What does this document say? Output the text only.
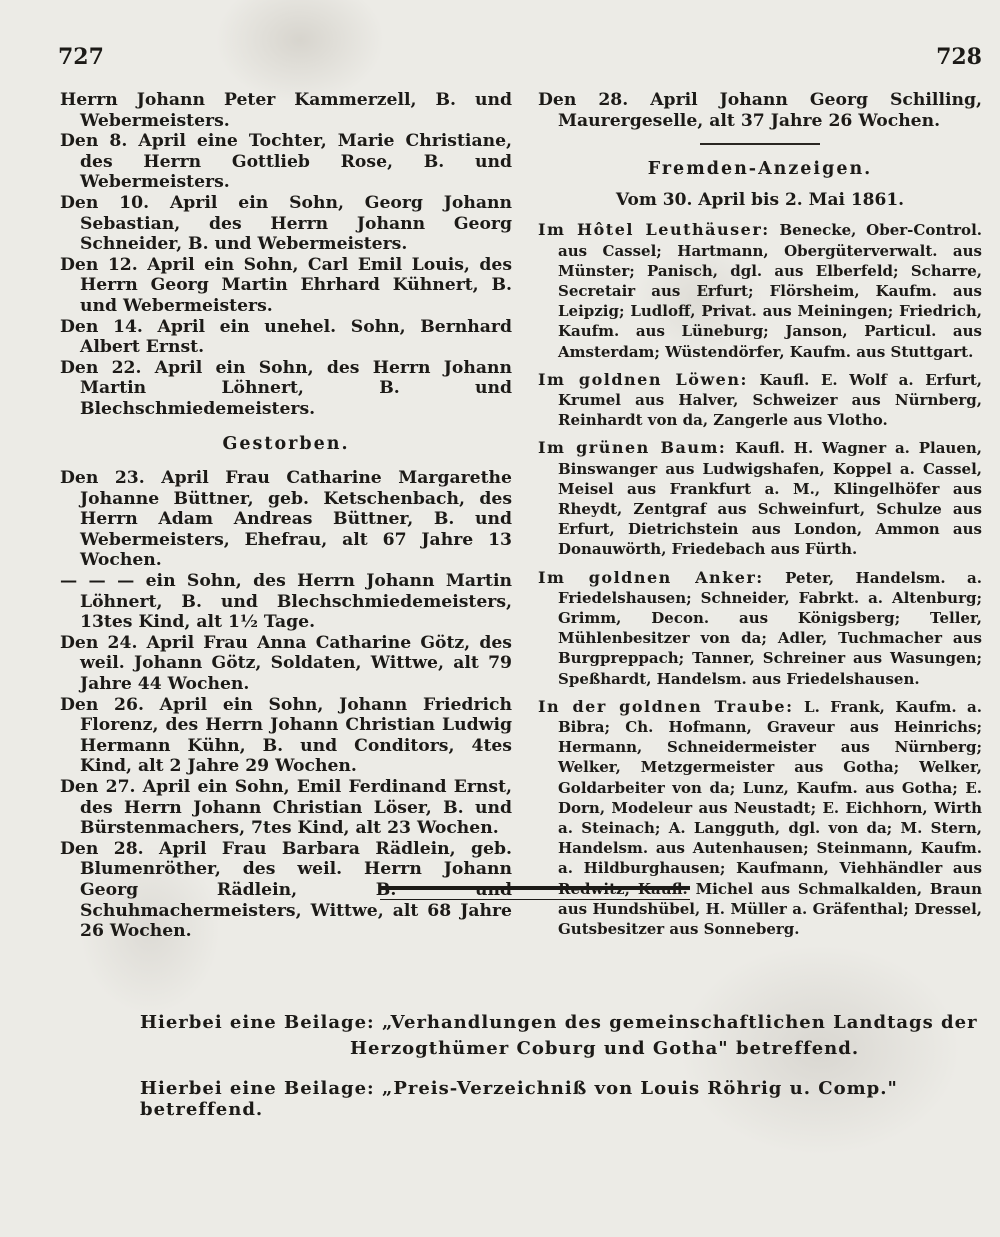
727	728
Herrn Johann Peter Kammerzell, B. und Webermeisters.
Den 8. April eine Tochter, Marie Christiane, des Herrn Gottlieb Rose, B. und Webermeisters.
Den 10. April ein Sohn, Georg Johann Sebastian, des Herrn Johann Georg Schneider, B. und Webermeisters.
Den 12. April ein Sohn, Carl Emil Louis, des Herrn Georg Martin Ehrhard Kühnert, B. und Webermeisters.
Den 14. April ein unehel. Sohn, Bernhard Albert Ernst.
Den 22. April ein Sohn, des Herrn Johann Martin Löhnert, B. und Blechschmiedemeisters.
Gestorben.
Den 23. April Frau Catharine Margarethe Johanne Büttner, geb. Ketschenbach, des Herrn Adam Andreas Büttner, B. und Webermeisters, Ehefrau, alt 67 Jahre 13 Wochen.
— — — ein Sohn, des Herrn Johann Martin Löhnert, B. und Blechschmiedemeisters, 13tes Kind, alt 1½ Tage.
Den 24. April Frau Anna Catharine Götz, des weil. Johann Götz, Soldaten, Wittwe, alt 79 Jahre 44 Wochen.
Den 26. April ein Sohn, Johann Friedrich Florenz, des Herrn Johann Christian Ludwig Hermann Kühn, B. und Conditors, 4tes Kind, alt 2 Jahre 29 Wochen.
Den 27. April ein Sohn, Emil Ferdinand Ernst, des Herrn Johann Christian Löser, B. und Bürstenmachers, 7tes Kind, alt 23 Wochen.
Den 28. April Frau Barbara Rädlein, geb. Blumenröther, des weil. Herrn Johann Georg Rädlein, B. und Schuhmachermeisters, Wittwe, alt 68 Jahre 26 Wochen.
Den 28. April Johann Georg Schilling, Maurergeselle, alt 37 Jahre 26 Wochen.
Fremden-Anzeigen.
Vom 30. April bis 2. Mai 1861.
Im Hôtel Leuthäuser: Benecke, Ober-Control. aus Cassel; Hartmann, Obergüterverwalt. aus Münster; Panisch, dgl. aus Elberfeld; Scharre, Secretair aus Erfurt; Flörsheim, Kaufm. aus Leipzig; Ludloff, Privat. aus Meiningen; Friedrich, Kaufm. aus Lüneburg; Janson, Particul. aus Amsterdam; Wüstendörfer, Kaufm. aus Stuttgart.
Im goldnen Löwen: Kaufl. E. Wolf a. Erfurt, Krumel aus Halver, Schweizer aus Nürnberg, Reinhardt von da, Zangerle aus Vlotho.
Im grünen Baum: Kaufl. H. Wagner a. Plauen, Binswanger aus Ludwigshafen, Koppel a. Cassel, Meisel aus Frankfurt a. M., Klingelhöfer aus Rheydt, Zentgraf aus Schweinfurt, Schulze aus Erfurt, Dietrichstein aus London, Ammon aus Donauwörth, Friedebach aus Fürth.
Im goldnen Anker: Peter, Handelsm. a. Friedelshausen; Schneider, Fabrkt. a. Altenburg; Grimm, Decon. aus Königsberg; Teller, Mühlenbesitzer von da; Adler, Tuchmacher aus Burgpreppach; Tanner, Schreiner aus Wasungen; Speßhardt, Handelsm. aus Friedelshausen.
In der goldnen Traube: L. Frank, Kaufm. a. Bibra; Ch. Hofmann, Graveur aus Heinrichs; Hermann, Schneidermeister aus Nürnberg; Welker, Metzgermeister aus Gotha; Welker, Goldarbeiter von da; Lunz, Kaufm. aus Gotha; E. Dorn, Modeleur aus Neustadt; E. Eichhorn, Wirth a. Steinach; A. Langguth, dgl. von da; M. Stern, Handelsm. aus Autenhausen; Steinmann, Kaufm. a. Hildburghausen; Kaufmann, Viehhändler aus Redwitz; Kaufl. Michel aus Schmalkalden, Braun aus Hundshübel, H. Müller a. Gräfenthal; Dressel, Gutsbesitzer aus Sonneberg.
Hierbei eine Beilage: „Verhandlungen des gemeinschaftlichen Landtags der
Herzogthümer Coburg und Gotha" betreffend.
Hierbei eine Beilage: „Preis-Verzeichniß von Louis Röhrig u. Comp." betreffend.
